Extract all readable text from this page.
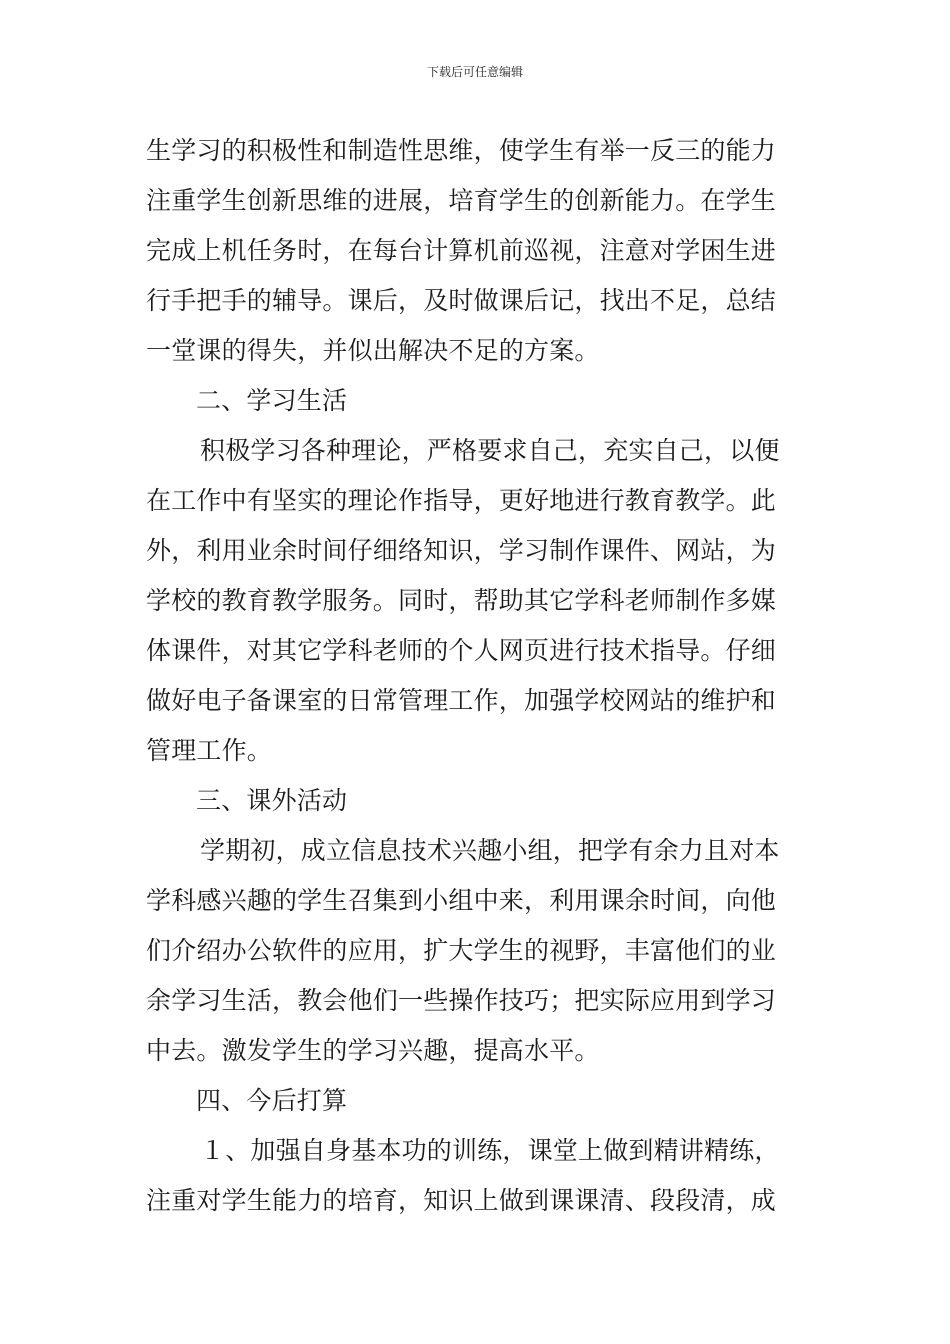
下载后可任意编辑
生学习的积极性和制造性思维，使学生有举一反三的能力
注重学生创新思维的进展，培育学生的创新能力。在学生
完成上机任务时，在每台计算机前巡视，注意对学困生进
行手把手的辅导。课后，及时做课后记，找出不足，总结
一堂课的得失，并似出解决不足的方案。
二、学习生活
积极学习各种理论，严格要求自己，充实自己，以便
在工作中有坚实的理论作指导，更好地进行教育教学。此
外，利用业余时间仔细络知识，学习制作课件、网站，为
学校的教育教学服务。同时，帮助其它学科老师制作多媒
体课件，对其它学科老师的个人网页进行技术指导。仔细
做好电子备课室的日常管理工作，加强学校网站的维护和
管理工作。
三、课外活动
学期初，成立信息技术兴趣小组，把学有余力且对本
学科感兴趣的学生召集到小组中来，利用课余时间，向他
们介绍办公软件的应用，扩大学生的视野，丰富他们的业
余学习生活，教会他们一些操作技巧；把实际应用到学习
中去。激发学生的学习兴趣，提高水平。
四、今后打算
１、加强自身基本功的训练，课堂上做到精讲精练，
注重对学生能力的培育，知识上做到课课清、段段清，成
